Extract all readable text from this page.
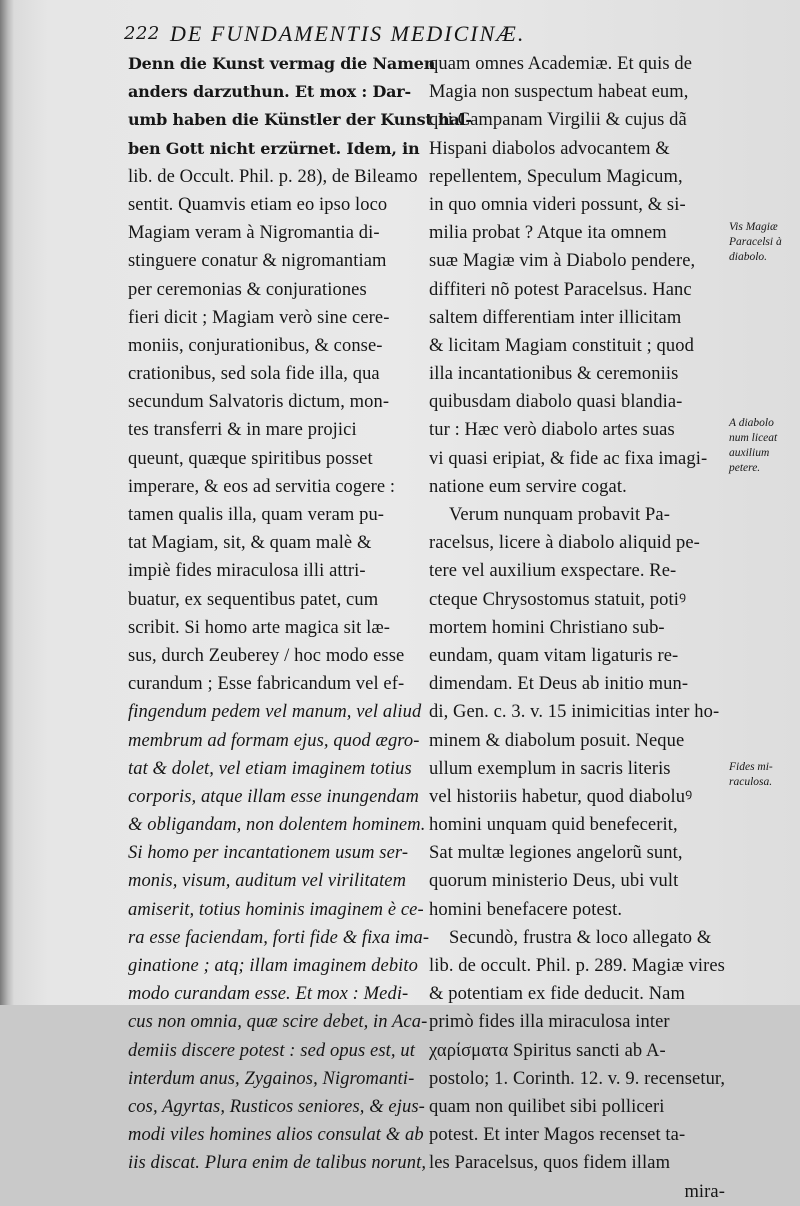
222 DE FUNDAMENTIS MEDICINÆ.
Denn die Kunst vermag die Namen
anders darzuthun. Et mox : Dar-
umb haben die Künstler der Kunst hal-
ben Gott nicht erzürnet. Idem, in
lib. de Occult. Phil. p. 28), de Bileamo
sentit. Quamvis etiam eo ipso loco
Magiam veram à Nigromantia di-
stinguere conatur & nigromantiam
per ceremonias & conjurationes
fieri dicit ; Magiam verò sine cere-
moniis, conjurationibus, & conse-
crationibus, sed sola fide illa, qua
secundum Salvatoris dictum, mon-
tes transferri & in mare projici
queunt, quæque spiritibus posset
imperare, & eos ad servitia cogere :
tamen qualis illa, quam veram pu-
tat Magiam, sit, & quam malè &
impiè fides miraculosa illi attri-
buatur, ex sequentibus patet, cum
scribit. Si homo arte magica sit læ-
sus, durch Zeuberey / hoc modo esse
curandum ; Esse fabricandum vel ef-
fingendum pedem vel manum, vel aliud
membrum ad formam ejus, quod ægro-
tat & dolet, vel etiam imaginem totius
corporis, atque illam esse inungendam
& obligandam, non dolentem hominem.
Si homo per incantationem usum ser-
monis, visum, auditum vel virilitatem
amiserit, totius hominis imaginem è ce-
ra esse faciendam, forti fide & fixa ima-
ginatione ; atq; illam imaginem debito
modo curandam esse. Et mox : Medi-
cus non omnia, quæ scire debet, in Aca-
demiis discere potest : sed opus est, ut
interdum anus, Zygainos, Nigromanti-
cos, Agyrtas, Rusticos seniores, & ejus-
modi viles homines alios consulat & ab
iis discat. Plura enim de talibus norunt,
quam omnes Academiæ. Et quis de
Magia non suspectum habeat eum,
qui Campanam Virgilii & cujus dã
Hispani diabolos advocantem &
repellentem, Speculum Magicum,
in quo omnia videri possunt, & si-
milia probat ? Atque ita omnem
suæ Magiæ vim à Diabolo pendere,
diffiteri nõ potest Paracelsus. Hanc
saltem differentiam inter illicitam
& licitam Magiam constituit ; quod
illa incantationibus & ceremoniis
quibusdam diabolo quasi blandia-
tur : Hæc verò diabolo artes suas
vi quasi eripiat, & fide ac fixa imagi-
natione eum servire cogat.
Verum nunquam probavit Pa-
racelsus, licere à diabolo aliquid pe-
tere vel auxilium exspectare. Re-
cteque Chrysostomus statuit, potiꝰ
mortem homini Christiano sub-
eundam, quam vitam ligaturis re-
dimendam. Et Deus ab initio mun-
di, Gen. c. 3. v. 15 inimicitias inter ho-
minem & diabolum posuit. Neque
ullum exemplum in sacris literis
vel historiis habetur, quod diaboluꝰ
homini unquam quid benefecerit,
Sat multæ legiones angelorũ sunt,
quorum ministerio Deus, ubi vult
homini benefacere potest.
Secundò, frustra & loco allegato &
lib. de occult. Phil. p. 289. Magiæ vires
& potentiam ex fide deducit. Nam
primò fides illa miraculosa inter
χαρίσματα Spiritus sancti ab A-
postolo; 1. Corinth. 12. v. 9. recensetur,
quam non quilibet sibi polliceri
potest. Et inter Magos recenset ta-
les Paracelsus, quos fidem illam
mira-
Vis Magiæ
Paracelsi à
diabolo.
A diabolo
num liceat
auxilium
petere.
Fides mi-
raculosa.
